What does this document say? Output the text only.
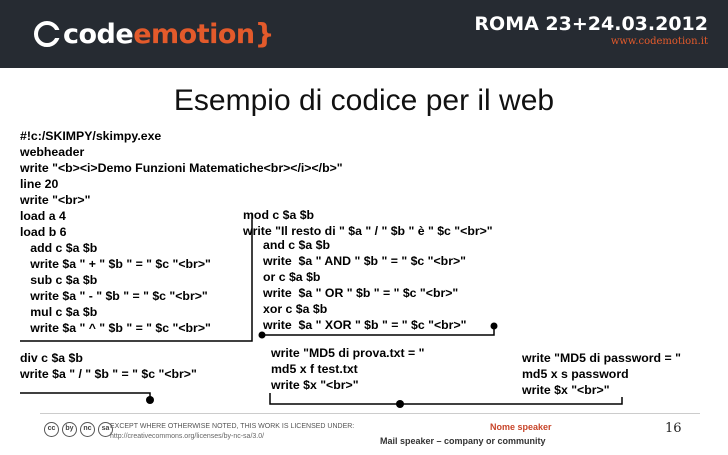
codeemotion}	ROMA 23+24.03.2012
www.codemotion.it
Esempio di codice per il web
#!c:/SKIMPY/skimpy.exe
webheader
write "<b><i>Demo Funzioni Matematiche<br></i></b>"
line 20
write "<br>"
load a 4
load b 6
add c $a $b
write $a " + " $b " = " $c "<br>"
sub c $a $b
write $a " - " $b " = " $c "<br>"
mul c $a $b
write $a " ^ " $b " = " $c "<br>"
div c $a $b
write $a " / " $b " = " $c "<br>"
mod c $a $b
write "Il resto di " $a " / " $b " è " $c "<br>"
and c $a $b
write  $a " AND " $b " = " $c "<br>"
or c $a $b
write  $a " OR " $b " = " $c "<br>"
xor c $a $b
write  $a " XOR " $b " = " $c "<br>"
write "MD5 di prova.txt = "
md5 x f test.txt
write $x "<br>"
write "MD5 di password = "
md5 x s password
write $x "<br>"
cc	by	nc	sa EXCEPT WHERE OTHERWISE NOTED, THIS WORK IS LICENSED UNDER:
http://creativecommons.org/licenses/by-nc-sa/3.0/
Nome speaker
Mail speaker – company or community
16
